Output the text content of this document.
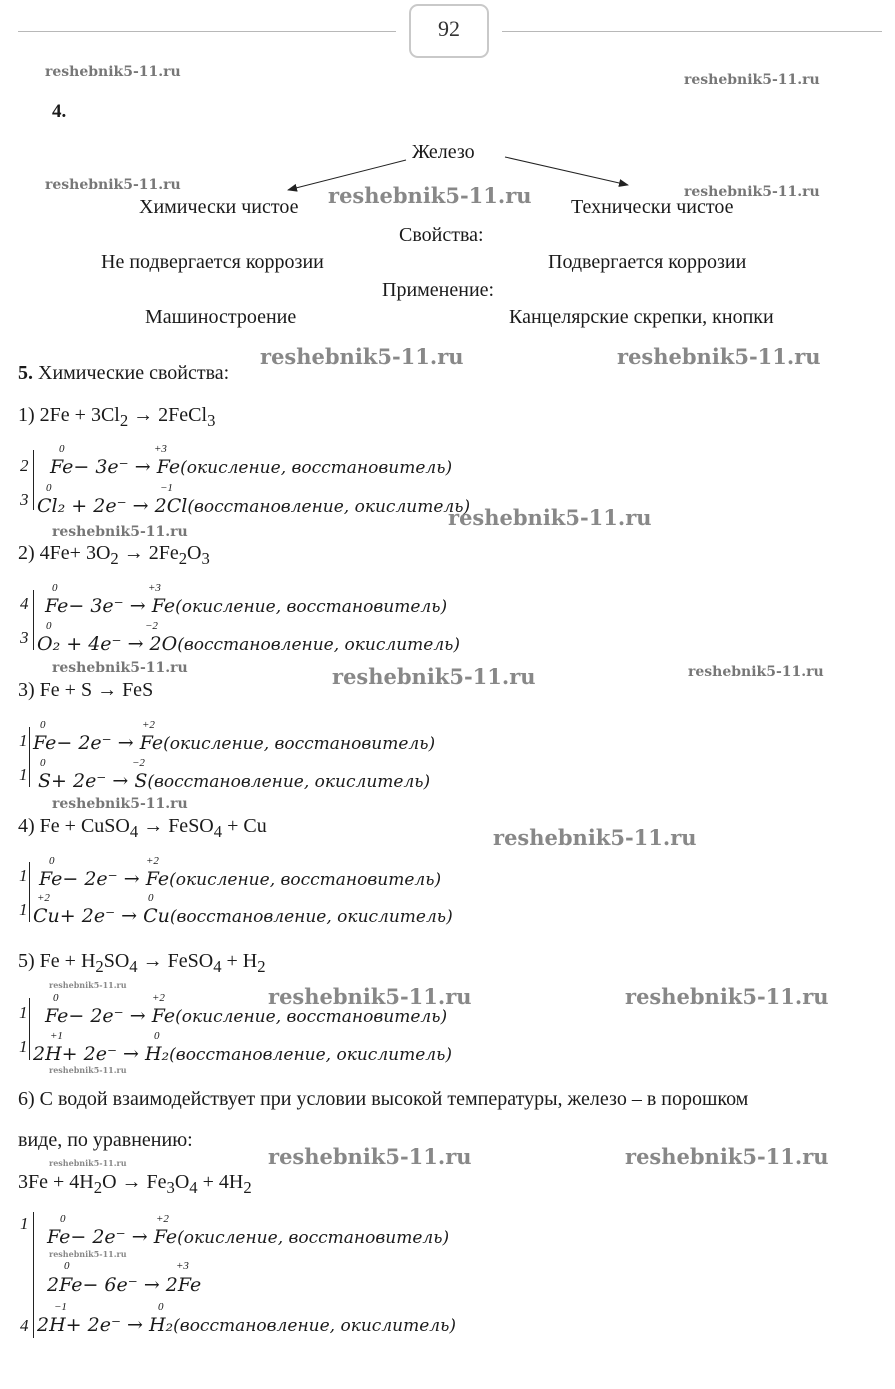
92
reshebnik5-11.ru	reshebnik5-11.ru
reshebnik5-11.ru	reshebnik5-11.ru
reshebnik5-11.ru
reshebnik5-11.ru	reshebnik5-11.ru
reshebnik5-11.ru
reshebnik5-11.ru
reshebnik5-11.ru	reshebnik5-11.ru	reshebnik5-11.ru
reshebnik5-11.ru
reshebnik5-11.ru
reshebnik5-11.ru	reshebnik5-11.ru	reshebnik5-11.ru
reshebnik5-11.ru
reshebnik5-11.ru	reshebnik5-11.ru	reshebnik5-11.ru
reshebnik5-11.ru
4.
Железо
Химически чистое	Технически чистое
Свойства:
Не подвергается коррозии	Подвергается коррозии
Применение:
Машиностроение	Канцелярские скрепки, кнопки
5. Химические свойства:
1) $2Fe + 3Cl_2$ → 2FeCl$_3$
2
0	+3
Fe− 3e⁻ → Fe(окисление, восстановитель)
3
0	−1
Cl₂ + 2e⁻ → 2Cl(восстановление, окислитель)
2) $4Fe+ 3O_2 \to 2Fe_2O_3$
4
0	+3
Fe− 3e⁻ → Fe(окисление, восстановитель)
3
0	−2
O₂ + 4e⁻ → 2O(восстановление, окислитель)
3) Fe + S → FeS
1
0	+2
Fe− 2e⁻ → Fe(окисление, восстановитель)
1
0	−2
S+ 2e⁻ → S(восстановление, окислитель)
4) Fe + CuSO$_4$ → FeSO$_4$ + Cu
1
0	+2
Fe− 2e⁻ → Fe(окисление, восстановитель)
1
+2	0
Cu+ 2e⁻ → Cu(восстановление, окислитель)
5) $Fe + H_2SO_4$ → FeSO$_4$ + $H_2$
1
0	+2
Fe− 2e⁻ → Fe(окисление, восстановитель)
1
+1	0
2H+ 2e⁻ → H₂(восстановление, окислитель)
6) С водой взаимодействует при условии высокой температуры, железо – в порошком
виде, по уравнению:
$3Fe + 4H_2O \to Fe_3O_4 + 4H_2$
1	0	+2
Fe− 2e⁻ → Fe(окисление, восстановитель)
0	+3
2Fe− 6e⁻ → 2Fe
4
−1	0
2H+ 2e⁻ → H₂(восстановление, окислитель)
